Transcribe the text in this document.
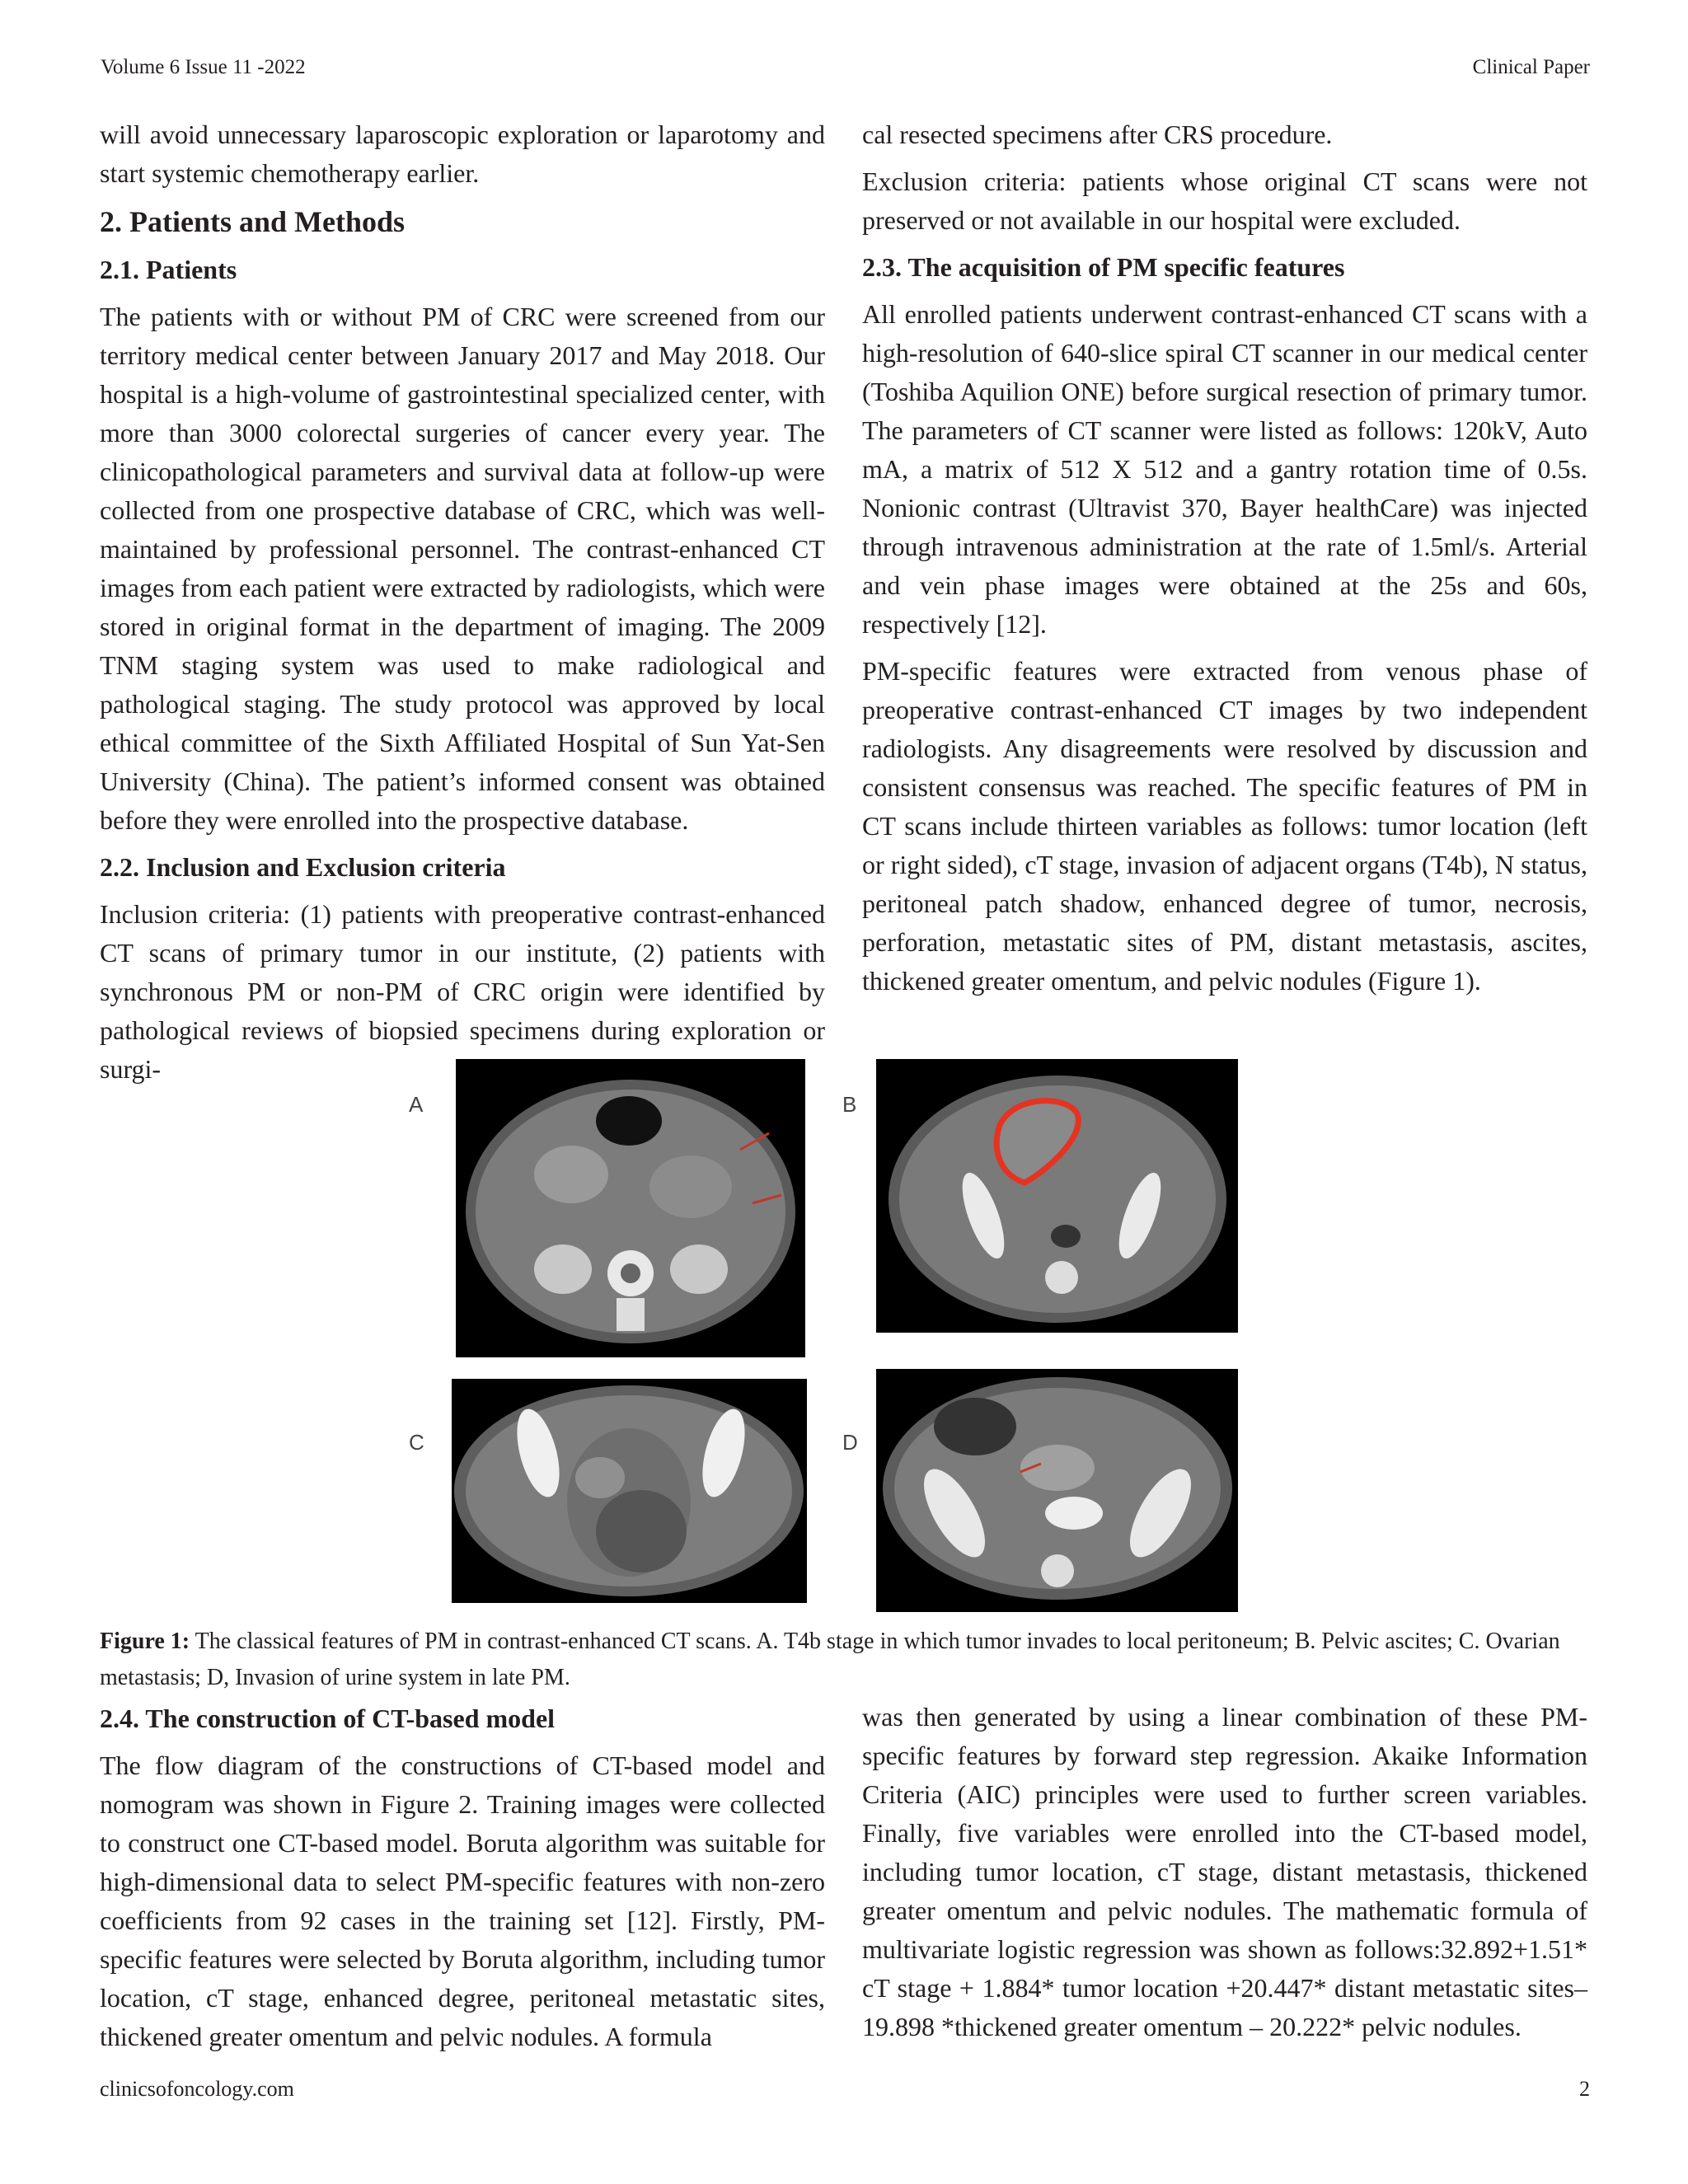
Volume 6 Issue 11 -2022	Clinical Paper

will avoid unnecessary laparoscopic exploration or laparotomy and start systemic chemotherapy earlier.

2. Patients and Methods
2.1. Patients

The patients with or without PM of CRC were screened from our territory medical center between January 2017 and May 2018. Our hospital is a high-volume of gastrointestinal specialized center, with more than 3000 colorectal surgeries of cancer every year. The clinicopathological parameters and survival data at follow-up were collected from one prospective database of CRC, which was well-maintained by professional personnel. The contrast-enhanced CT images from each patient were extracted by radiologists, which were stored in original format in the department of imaging. The 2009 TNM staging system was used to make radiological and pathological staging. The study protocol was approved by local ethical committee of the Sixth Affiliated Hospital of Sun Yat-Sen University (China). The patient’s informed consent was obtained before they were enrolled into the prospective database.

2.2. Inclusion and Exclusion criteria

Inclusion criteria: (1) patients with preoperative contrast-enhanced CT scans of primary tumor in our institute, (2) patients with synchronous PM or non-PM of CRC origin were identified by pathological reviews of biopsied specimens during exploration or surgi-

cal resected specimens after CRS procedure.

Exclusion criteria: patients whose original CT scans were not preserved or not available in our hospital were excluded.

2.3. The acquisition of PM specific features

All enrolled patients underwent contrast-enhanced CT scans with a high-resolution of 640-slice spiral CT scanner in our medical center (Toshiba Aquilion ONE) before surgical resection of primary tumor. The parameters of CT scanner were listed as follows: 120kV, Auto mA, a matrix of 512 X 512 and a gantry rotation time of 0.5s. Nonionic contrast (Ultravist 370, Bayer healthCare) was injected through intravenous administration at the rate of 1.5ml/s. Arterial and vein phase images were obtained at the 25s and 60s, respectively [12].

PM-specific features were extracted from venous phase of preoperative contrast-enhanced CT images by two independent radiologists. Any disagreements were resolved by discussion and consistent consensus was reached. The specific features of PM in CT scans include thirteen variables as follows: tumor location (left or right sided), cT stage, invasion of adjacent organs (T4b), N status, peritoneal patch shadow, enhanced degree of tumor, necrosis, perforation, metastatic sites of PM, distant metastasis, ascites, thickened greater omentum, and pelvic nodules (Figure 1).

A	B
C	D
Figure 1: The classical features of PM in contrast-enhanced CT scans. A. T4b stage in which tumor invades to local peritoneum; B. Pelvic ascites; C. Ovarian metastasis; D, Invasion of urine system in late PM.
2.4. The construction of CT-based model

The flow diagram of the constructions of CT-based model and nomogram was shown in Figure 2. Training images were collected to construct one CT-based model. Boruta algorithm was suitable for high-dimensional data to select PM-specific features with non-zero coefficients from 92 cases in the training set [12]. Firstly, PM-specific features were selected by Boruta algorithm, including tumor location, cT stage, enhanced degree, peritoneal metastatic sites, thickened greater omentum and pelvic nodules. A formula

was then generated by using a linear combination of these PM-specific features by forward step regression. Akaike Information Criteria (AIC) principles were used to further screen variables. Finally, five variables were enrolled into the CT-based model, including tumor location, cT stage, distant metastasis, thickened greater omentum and pelvic nodules. The mathematic formula of multivariate logistic regression was shown as follows:32.892+1.51* cT stage + 1.884* tumor location +20.447* distant metastatic sites–19.898 *thickened greater omentum – 20.222* pelvic nodules.

clinicsofoncology.com	2
